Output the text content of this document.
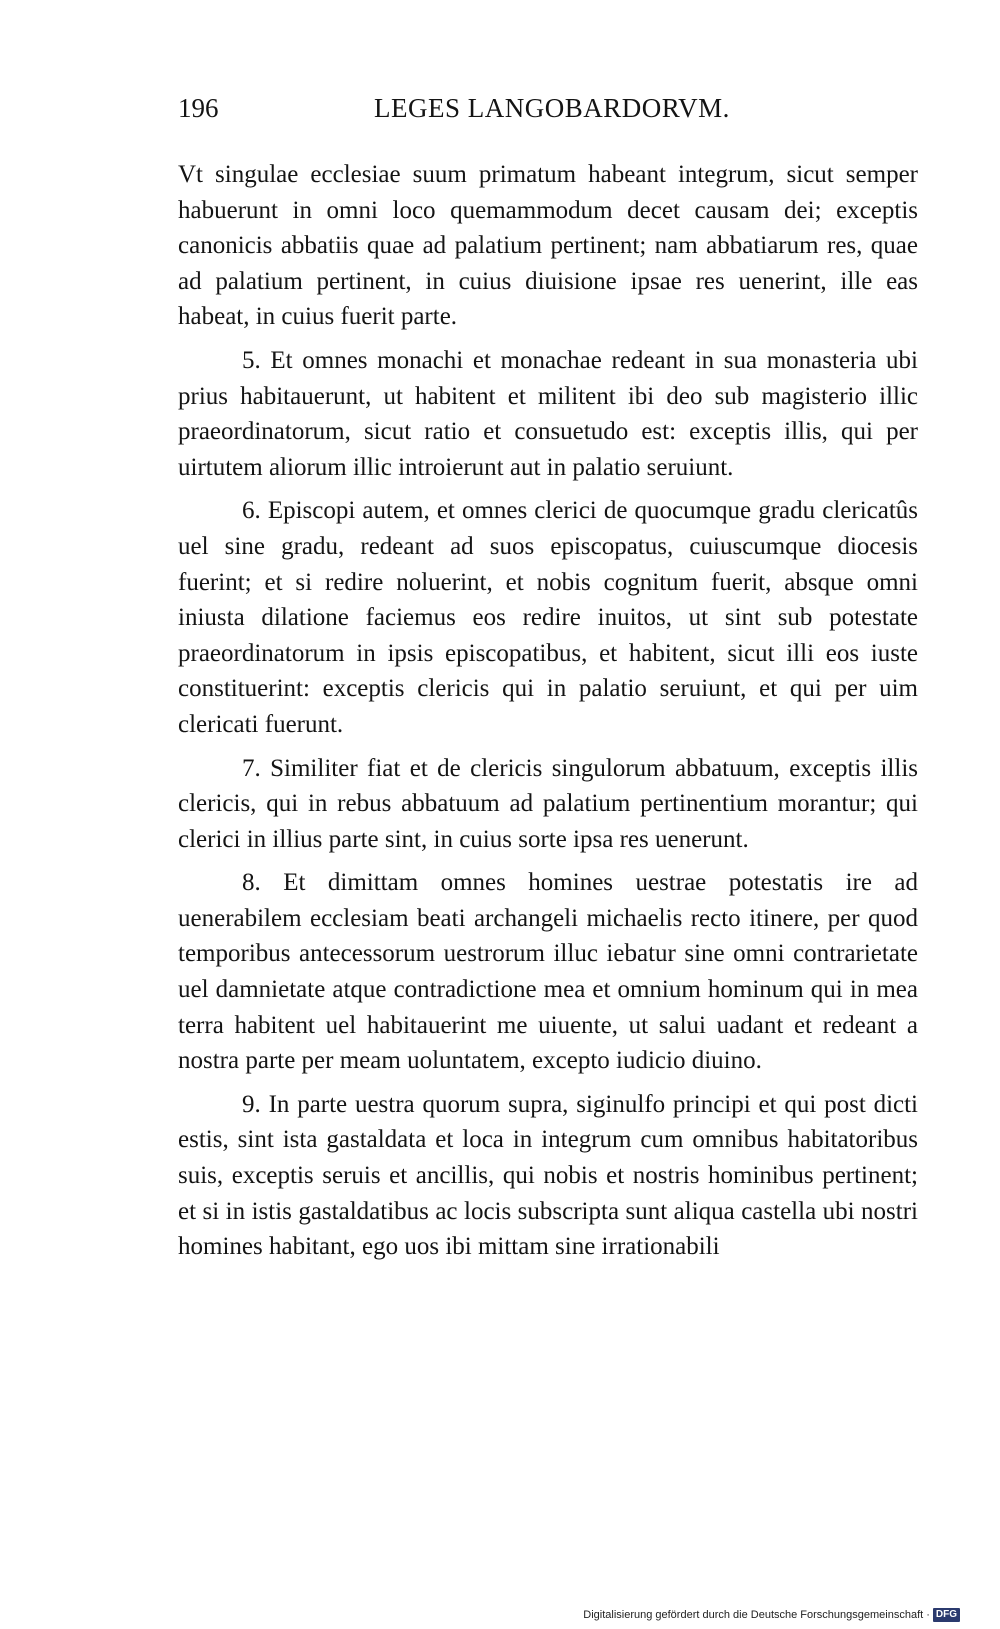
196	LEGES LANGOBARDORVM.

Vt singulae ecclesiae suum primatum habeant integrum, sicut semper habuerunt in omni loco quemammodum decet causam dei; exceptis canonicis abbatiis quae ad palatium pertinent; nam abbatiarum res, quae ad palatium pertinent, in cuius diuisione ipsae res uenerint, ille eas habeat, in cuius fuerit parte.

5. Et omnes monachi et monachae redeant in sua monasteria ubi prius habitauerunt, ut habitent et militent ibi deo sub magisterio illic praeordinatorum, sicut ratio et consuetudo est: exceptis illis, qui per uirtutem aliorum illic introierunt aut in palatio seruiunt.

6. Episcopi autem, et omnes clerici de quocumque gradu clericatûs uel sine gradu, redeant ad suos episcopatus, cuiuscumque diocesis fuerint; et si redire noluerint, et nobis cognitum fuerit, absque omni iniusta dilatione faciemus eos redire inuitos, ut sint sub potestate praeordinatorum in ipsis episcopatibus, et habitent, sicut illi eos iuste constituerint: exceptis clericis qui in palatio seruiunt, et qui per uim clericati fuerunt.

7. Similiter fiat et de clericis singulorum abbatuum, exceptis illis clericis, qui in rebus abbatuum ad palatium pertinentium morantur; qui clerici in illius parte sint, in cuius sorte ipsa res uenerunt.

8. Et dimittam omnes homines uestrae potestatis ire ad uenerabilem ecclesiam beati archangeli michaelis recto itinere, per quod temporibus antecessorum uestrorum illuc iebatur sine omni contrarietate uel damnietate atque contradictione mea et omnium hominum qui in mea terra habitent uel habitauerint me uiuente, ut salui uadant et redeant a nostra parte per meam uoluntatem, excepto iudicio diuino.

9. In parte uestra quorum supra, siginulfo principi et qui post dicti estis, sint ista gastaldata et loca in integrum cum omnibus habitatoribus suis, exceptis seruis et ancillis, qui nobis et nostris hominibus pertinent; et si in istis gastaldatibus ac locis subscripta sunt aliqua castella ubi nostri homines habitant, ego uos ibi mittam sine irrationabili

Digitalisierung gefördert durch die Deutsche Forschungsgemeinschaft · DFG
